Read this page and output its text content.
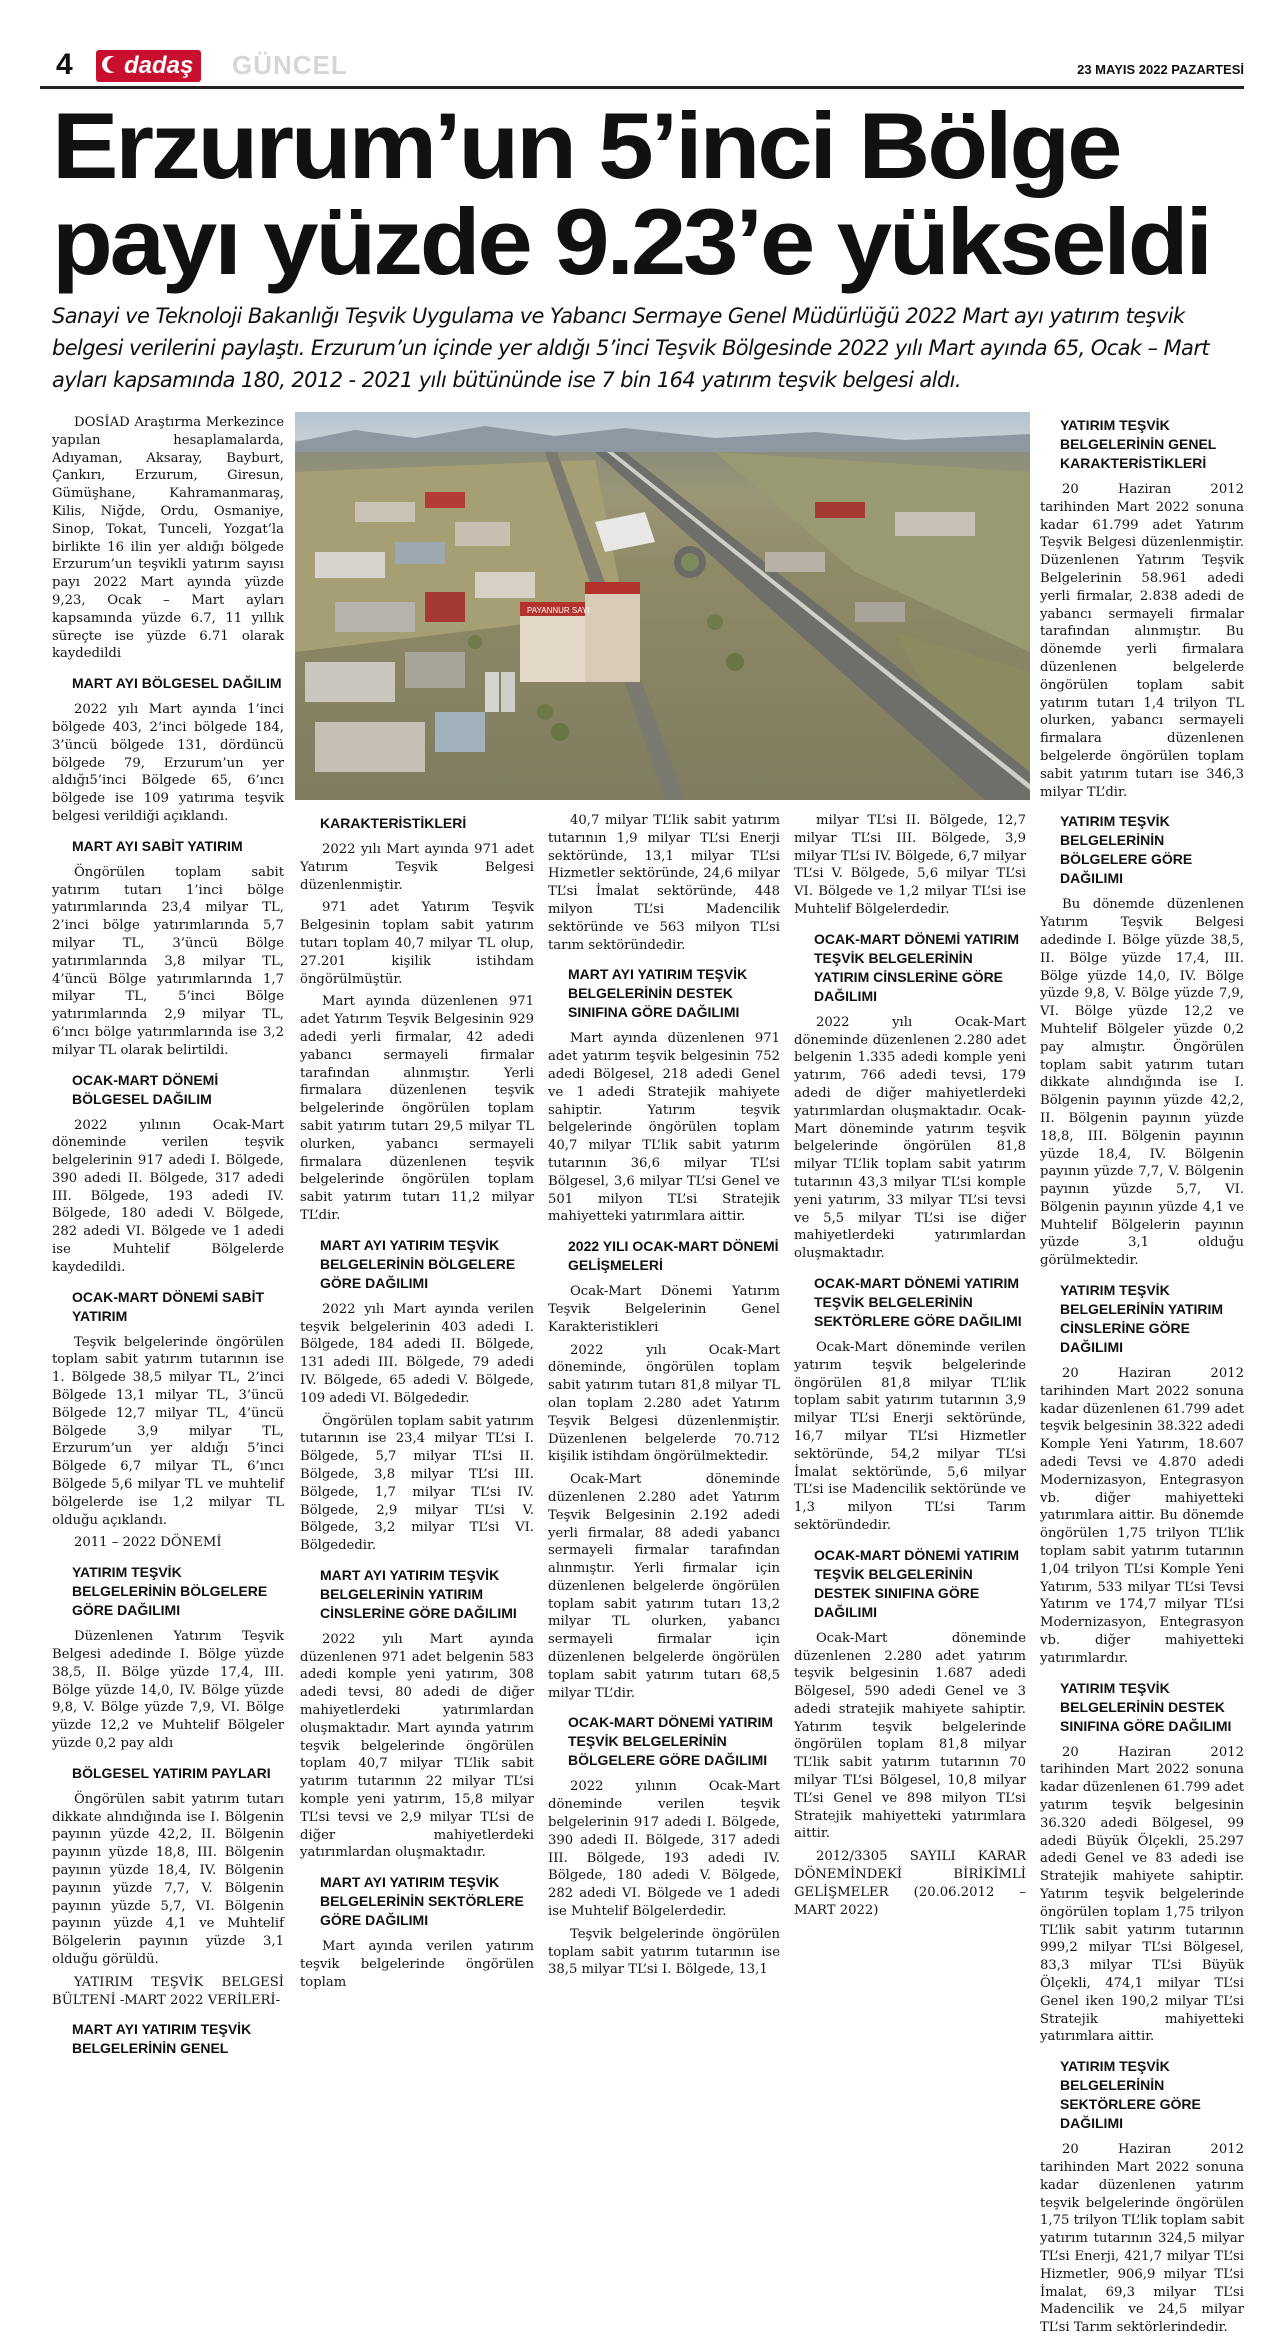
4	dadaş	GÜNCEL	23 MAYIS 2022 PAZARTESİ
Erzurum’un 5’inci Bölge payı yüzde 9.23’e yükseldi

Sanayi ve Teknoloji Bakanlığı Teşvik Uygulama ve Yabancı Sermaye Genel Müdürlüğü 2022 Mart ayı yatırım teşvik belgesi verilerini paylaştı. Erzurum’un içinde yer aldığı 5’inci Teşvik Bölgesinde 2022 yılı Mart ayında 65, Ocak – Mart ayları kapsamında 180, 2012 - 2021 yılı bütününde ise 7 bin 164 yatırım teşvik belgesi aldı.

PAYANNUR SAYI

DOSİAD Araştırma Merkezince yapılan hesaplamalarda, Adıyaman, Aksaray, Bayburt, Çankırı, Erzurum, Giresun, Gümüşhane, Kahramanmaraş, Kilis, Niğde, Ordu, Osmaniye, Sinop, Tokat, Tunceli, Yozgat’la birlikte 16 ilin yer aldığı bölgede Erzurum’un teşvikli yatırım sayısı payı 2022 Mart ayında yüzde 9,23, Ocak – Mart ayları kapsamında yüzde 6.7, 11 yıllık süreçte ise yüzde 6.71 olarak kaydedildi

MART AYI BÖLGESEL DAĞILIM

2022 yılı Mart ayında 1’inci bölgede 403, 2’inci bölgede 184, 3’üncü bölgede 131, dördüncü bölgede 79, Erzurum’un yer aldığı5’inci Bölgede 65, 6’ıncı bölgede ise 109 yatırıma teşvik belgesi verildiği açıklandı.

MART AYI SABİT YATIRIM

Öngörülen toplam sabit yatırım tutarı 1’inci bölge yatırımlarında 23,4 milyar TL, 2’inci bölge yatırımlarında 5,7 milyar TL, 3’üncü Bölge yatırımlarında 3,8 milyar TL, 4’üncü Bölge yatırımlarında 1,7 milyar TL, 5’inci Bölge yatırımlarında 2,9 milyar TL, 6’ıncı bölge yatırımlarında ise 3,2 milyar TL olarak belirtildi.

OCAK-MART DÖNEMİ BÖLGESEL DAĞILIM

2022 yılının Ocak-Mart döneminde verilen teşvik belgelerinin 917 adedi I. Bölgede, 390 adedi II. Bölgede, 317 adedi III. Bölgede, 193 adedi IV. Bölgede, 180 adedi V. Bölgede, 282 adedi VI. Bölgede ve 1 adedi ise Muhtelif Bölgelerde kaydedildi.

OCAK-MART DÖNEMİ SABİT YATIRIM

Teşvik belgelerinde öngörülen toplam sabit yatırım tutarının ise 1. Bölgede 38,5 milyar TL, 2’inci Bölgede 13,1 milyar TL, 3’üncü Bölgede 12,7 milyar TL, 4’üncü Bölgede 3,9 milyar TL, Erzurum’un yer aldığı 5’inci Bölgede 6,7 milyar TL, 6’ıncı Bölgede 5,6 milyar TL ve muhtelif bölgelerde ise 1,2 milyar TL olduğu açıklandı.

2011 – 2022 DÖNEMİ

YATIRIM TEŞVİK BELGELERİNİN BÖLGELERE GÖRE DAĞILIMI

Düzenlenen Yatırım Teşvik Belgesi adedinde I. Bölge yüzde 38,5, II. Bölge yüzde 17,4, III. Bölge yüzde 14,0, IV. Bölge yüzde 9,8, V. Bölge yüzde 7,9, VI. Bölge yüzde 12,2 ve Muhtelif Bölgeler yüzde 0,2 pay aldı

BÖLGESEL YATIRIM PAYLARI

Öngörülen sabit yatırım tutarı dikkate alındığında ise I. Bölgenin payının yüzde 42,2, II. Bölgenin payının yüzde 18,8, III. Bölgenin payının yüzde 18,4, IV. Bölgenin payının yüzde 7,7, V. Bölgenin payının yüzde 5,7, VI. Bölgenin payının yüzde 4,1 ve Muhtelif Bölgelerin payının yüzde 3,1 olduğu görüldü.

YATIRIM TEŞVİK BELGESİ BÜLTENİ -MART 2022 VERİLERİ-

MART AYI YATIRIM TEŞVİK BELGELERİNİN GENEL
KARAKTERİSTİKLERİ

2022 yılı Mart ayında 971 adet Yatırım Teşvik Belgesi düzenlenmiştir.

971 adet Yatırım Teşvik Belgesinin toplam sabit yatırım tutarı toplam 40,7 milyar TL olup, 27.201 kişilik istihdam öngörülmüştür.

Mart ayında düzenlenen 971 adet Yatırım Teşvik Belgesinin 929 adedi yerli firmalar, 42 adedi yabancı sermayeli firmalar tarafından alınmıştır. Yerli firmalara düzenlenen teşvik belgelerinde öngörülen toplam sabit yatırım tutarı 29,5 milyar TL olurken, yabancı sermayeli firmalara düzenlenen teşvik belgelerinde öngörülen toplam sabit yatırım tutarı 11,2 milyar TL’dir.

MART AYI YATIRIM TEŞVİK BELGELERİNİN BÖLGELERE GÖRE DAĞILIMI

2022 yılı Mart ayında verilen teşvik belgelerinin 403 adedi I. Bölgede, 184 adedi II. Bölgede, 131 adedi III. Bölgede, 79 adedi IV. Bölgede, 65 adedi V. Bölgede, 109 adedi VI. Bölgededir.

Öngörülen toplam sabit yatırım tutarının ise 23,4 milyar TL’si I. Bölgede, 5,7 milyar TL’si II. Bölgede, 3,8 milyar TL’si III. Bölgede, 1,7 milyar TL’si IV. Bölgede, 2,9 milyar TL’si V. Bölgede, 3,2 milyar TL’si VI. Bölgededir.

MART AYI YATIRIM TEŞVİK BELGELERİNİN YATIRIM CİNSLERİNE GÖRE DAĞILIMI

2022 yılı Mart ayında düzenlenen 971 adet belgenin 583 adedi komple yeni yatırım, 308 adedi tevsi, 80 adedi de diğer mahiyetlerdeki yatırımlardan oluşmaktadır. Mart ayında yatırım teşvik belgelerinde öngörülen toplam 40,7 milyar TL’lik sabit yatırım tutarının 22 milyar TL’si komple yeni yatırım, 15,8 milyar TL’si tevsi ve 2,9 milyar TL’si de diğer mahiyetlerdeki yatırımlardan oluşmaktadır.

MART AYI YATIRIM TEŞVİK BELGELERİNİN SEKTÖRLERE GÖRE DAĞILIMI

Mart ayında verilen yatırım teşvik belgelerinde öngörülen toplam

40,7 milyar TL’lik sabit yatırım tutarının 1,9 milyar TL’si Enerji sektöründe, 13,1 milyar TL’si Hizmetler sektöründe, 24,6 milyar TL’si İmalat sektöründe, 448 milyon TL’si Madencilik sektöründe ve 563 milyon TL’si tarım sektöründedir.

MART AYI YATIRIM TEŞVİK BELGELERİNİN DESTEK SINIFINA GÖRE DAĞILIMI

Mart ayında düzenlenen 971 adet yatırım teşvik belgesinin 752 adedi Bölgesel, 218 adedi Genel ve 1 adedi Stratejik mahiyete sahiptir. Yatırım teşvik belgelerinde öngörülen toplam 40,7 milyar TL’lik sabit yatırım tutarının 36,6 milyar TL’si Bölgesel, 3,6 milyar TL’si Genel ve 501 milyon TL’si Stratejik mahiyetteki yatırımlara aittir.

2022 YILI OCAK-MART DÖNEMİ GELİŞMELERİ

Ocak-Mart Dönemi Yatırım Teşvik Belgelerinin Genel Karakteristikleri

2022 yılı Ocak-Mart döneminde, öngörülen toplam sabit yatırım tutarı 81,8 milyar TL olan toplam 2.280 adet Yatırım Teşvik Belgesi düzenlenmiştir. Düzenlenen belgelerde 70.712 kişilik istihdam öngörülmektedir.

Ocak-Mart döneminde düzenlenen 2.280 adet Yatırım Teşvik Belgesinin 2.192 adedi yerli firmalar, 88 adedi yabancı sermayeli firmalar tarafından alınmıştır. Yerli firmalar için düzenlenen belgelerde öngörülen toplam sabit yatırım tutarı 13,2 milyar TL olurken, yabancı sermayeli firmalar için düzenlenen belgelerde öngörülen toplam sabit yatırım tutarı 68,5 milyar TL’dir.

OCAK-MART DÖNEMİ YATIRIM TEŞVİK BELGELERİNİN BÖLGELERE GÖRE DAĞILIMI

2022 yılının Ocak-Mart döneminde verilen teşvik belgelerinin 917 adedi I. Bölgede, 390 adedi II. Bölgede, 317 adedi III. Bölgede, 193 adedi IV. Bölgede, 180 adedi V. Bölgede, 282 adedi VI. Bölgede ve 1 adedi ise Muhtelif Bölgelerdedir.

Teşvik belgelerinde öngörülen toplam sabit yatırım tutarının ise 38,5 milyar TL’si I. Bölgede, 13,1

milyar TL’si II. Bölgede, 12,7 milyar TL’si III. Bölgede, 3,9 milyar TL’si IV. Bölgede, 6,7 milyar TL’si V. Bölgede, 5,6 milyar TL’si VI. Bölgede ve 1,2 milyar TL’si ise Muhtelif Bölgelerdedir.

OCAK-MART DÖNEMİ YATIRIM TEŞVİK BELGELERİNİN YATIRIM CİNSLERİNE GÖRE DAĞILIMI

2022 yılı Ocak-Mart döneminde düzenlenen 2.280 adet belgenin 1.335 adedi komple yeni yatırım, 766 adedi tevsi, 179 adedi de diğer mahiyetlerdeki yatırımlardan oluşmaktadır. Ocak-Mart döneminde yatırım teşvik belgelerinde öngörülen 81,8 milyar TL’lik toplam sabit yatırım tutarının 43,3 milyar TL’si komple yeni yatırım, 33 milyar TL’si tevsi ve 5,5 milyar TL’si ise diğer mahiyetlerdeki yatırımlardan oluşmaktadır.

OCAK-MART DÖNEMİ YATIRIM TEŞVİK BELGELERİNİN SEKTÖRLERE GÖRE DAĞILIMI

Ocak-Mart döneminde verilen yatırım teşvik belgelerinde öngörülen 81,8 milyar TL’lik toplam sabit yatırım tutarının 3,9 milyar TL’si Enerji sektöründe, 16,7 milyar TL’si Hizmetler sektöründe, 54,2 milyar TL’si İmalat sektöründe, 5,6 milyar TL’si ise Madencilik sektöründe ve 1,3 milyon TL’si Tarım sektöründedir.

OCAK-MART DÖNEMİ YATIRIM TEŞVİK BELGELERİNİN DESTEK SINIFINA GÖRE DAĞILIMI

Ocak-Mart döneminde düzenlenen 2.280 adet yatırım teşvik belgesinin 1.687 adedi Bölgesel, 590 adedi Genel ve 3 adedi stratejik mahiyete sahiptir. Yatırım teşvik belgelerinde öngörülen toplam 81,8 milyar TL’lik sabit yatırım tutarının 70 milyar TL’si Bölgesel, 10,8 milyar TL’si Genel ve 898 milyon TL’si Stratejik mahiyetteki yatırımlara aittir.

2012/3305 SAYILI KARAR DÖNEMİNDEKİ BİRİKİMLİ GELİŞMELER (20.06.2012 – MART 2022)

YATIRIM TEŞVİK BELGELERİNİN GENEL KARAKTERİSTİKLERİ

20 Haziran 2012 tarihinden Mart 2022 sonuna kadar 61.799 adet Yatırım Teşvik Belgesi düzenlenmiştir. Düzenlenen Yatırım Teşvik Belgelerinin 58.961 adedi yerli firmalar, 2.838 adedi de yabancı sermayeli firmalar tarafından alınmıştır. Bu dönemde yerli firmalara düzenlenen belgelerde öngörülen toplam sabit yatırım tutarı 1,4 trilyon TL olurken, yabancı sermayeli firmalara düzenlenen belgelerde öngörülen toplam sabit yatırım tutarı ise 346,3 milyar TL’dir.

YATIRIM TEŞVİK BELGELERİNİN BÖLGELERE GÖRE DAĞILIMI

Bu dönemde düzenlenen Yatırım Teşvik Belgesi adedinde I. Bölge yüzde 38,5, II. Bölge yüzde 17,4, III. Bölge yüzde 14,0, IV. Bölge yüzde 9,8, V. Bölge yüzde 7,9, VI. Bölge yüzde 12,2 ve Muhtelif Bölgeler yüzde 0,2 pay almıştır. Öngörülen toplam sabit yatırım tutarı dikkate alındığında ise I. Bölgenin payının yüzde 42,2, II. Bölgenin payının yüzde 18,8, III. Bölgenin payının yüzde 18,4, IV. Bölgenin payının yüzde 7,7, V. Bölgenin payının yüzde 5,7, VI. Bölgenin payının yüzde 4,1 ve Muhtelif Bölgelerin payının yüzde 3,1 olduğu görülmektedir.

YATIRIM TEŞVİK BELGELERİNİN YATIRIM CİNSLERİNE GÖRE DAĞILIMI

20 Haziran 2012 tarihinden Mart 2022 sonuna kadar düzenlenen 61.799 adet teşvik belgesinin 38.322 adedi Komple Yeni Yatırım, 18.607 adedi Tevsi ve 4.870 adedi Modernizasyon, Entegrasyon vb. diğer mahiyetteki yatırımlara aittir. Bu dönemde öngörülen 1,75 trilyon TL’lik toplam sabit yatırım tutarının 1,04 trilyon TL’si Komple Yeni Yatırım, 533 milyar TL’si Tevsi Yatırım ve 174,7 milyar TL’si Modernizasyon, Entegrasyon vb. diğer mahiyetteki yatırımlardır.

YATIRIM TEŞVİK BELGELERİNİN DESTEK SINIFINA GÖRE DAĞILIMI

20 Haziran 2012 tarihinden Mart 2022 sonuna kadar düzenlenen 61.799 adet yatırım teşvik belgesinin 36.320 adedi Bölgesel, 99 adedi Büyük Ölçekli, 25.297 adedi Genel ve 83 adedi ise Stratejik mahiyete sahiptir. Yatırım teşvik belgelerinde öngörülen toplam 1,75 trilyon TL’lik sabit yatırım tutarının 999,2 milyar TL’si Bölgesel, 83,3 milyar TL’si Büyük Ölçekli, 474,1 milyar TL’si Genel iken 190,2 milyar TL’si Stratejik mahiyetteki yatırımlara aittir.

YATIRIM TEŞVİK BELGELERİNİN SEKTÖRLERE GÖRE DAĞILIMI

20 Haziran 2012 tarihinden Mart 2022 sonuna kadar düzenlenen yatırım teşvik belgelerinde öngörülen 1,75 trilyon TL’lik toplam sabit yatırım tutarının 324,5 milyar TL’si Enerji, 421,7 milyar TL’si Hizmetler, 906,9 milyar TL’si İmalat, 69,3 milyar TL’si Madencilik ve 24,5 milyar TL’si Tarım sektörlerindedir.
